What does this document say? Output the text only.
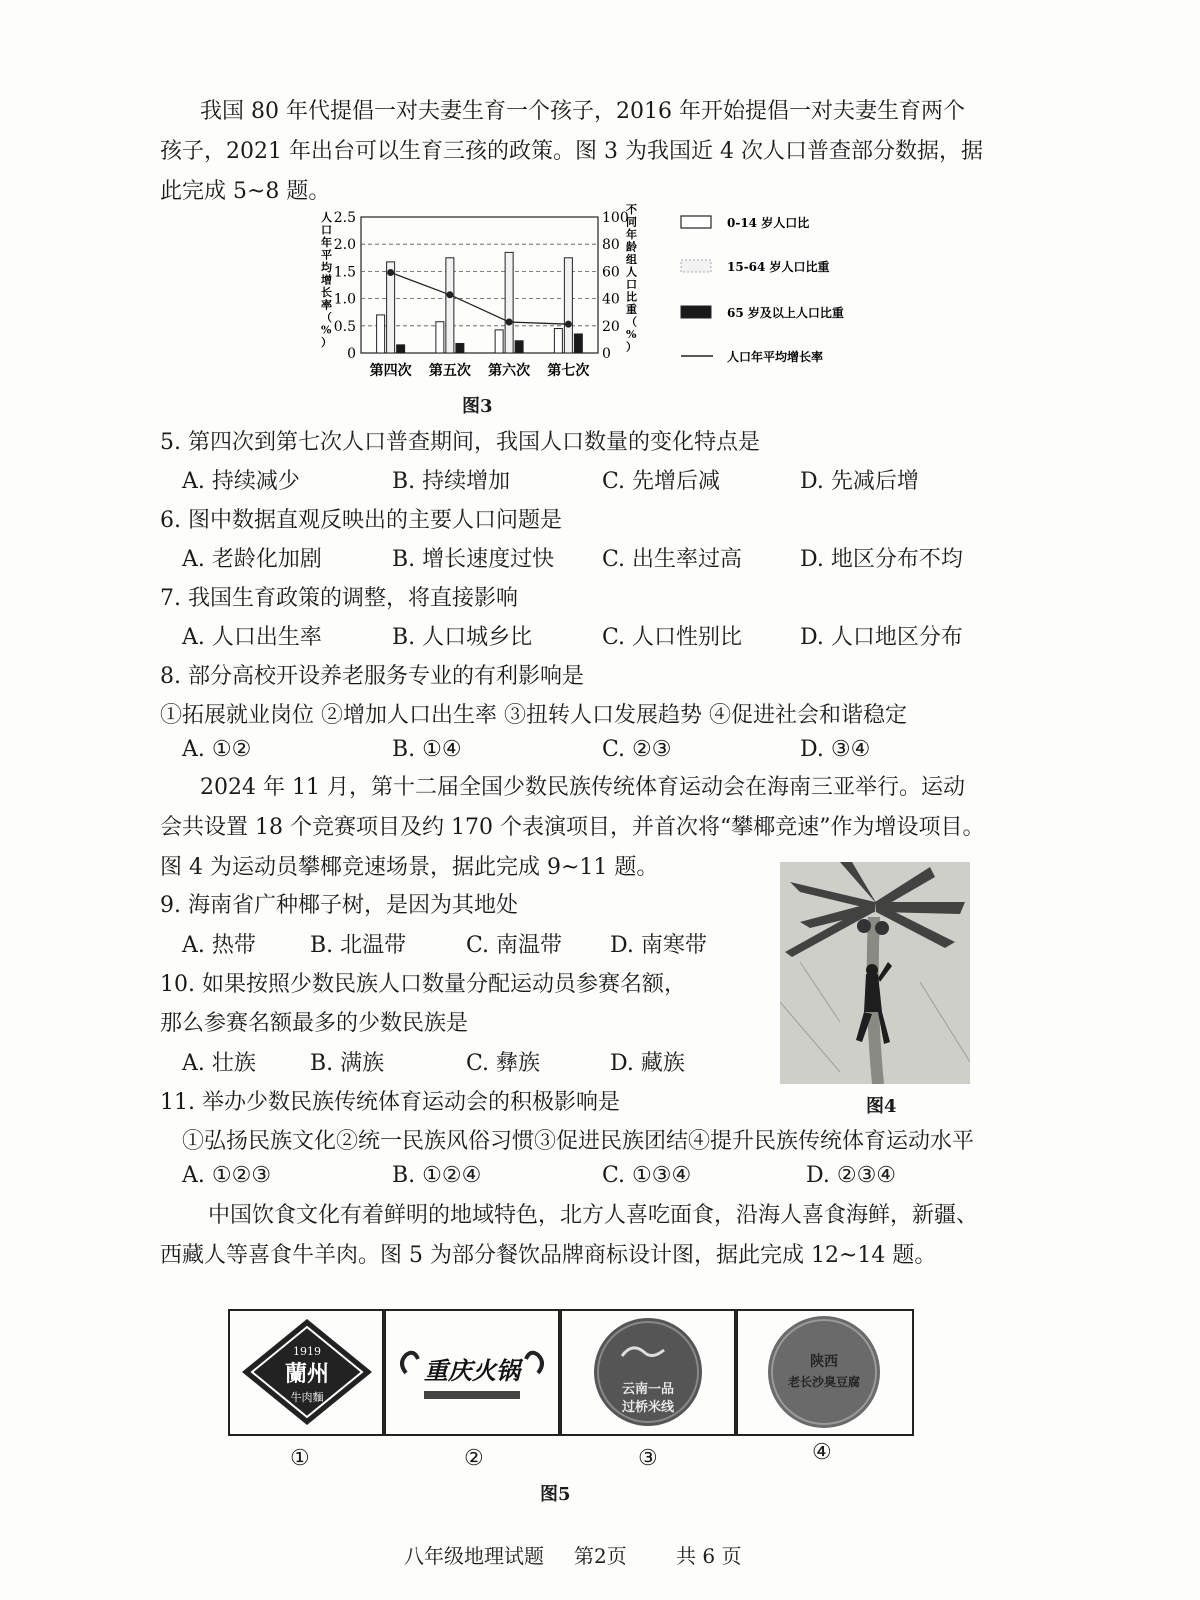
我国 80 年代提倡一对夫妻生育一个孩子，2016 年开始提倡一对夫妻生育两个
孩子，2021 年出台可以生育三孩的政策。图 3 为我国近 4 次人口普查部分数据，据
此完成 5~8 题。
0	0
0.5	20
1.0	40
1.5	60
2.0	80
2.5	100
人
口
年
平
均
增
长
率
（
%
）
不
同
年
龄
组
人
口
比
重
（
%
）
第四次 第五次 第六次 第七次
0-14 岁人口比
15-64 岁人口比重
65 岁及以上人口比重
人口年平均增长率
图3
5. 第四次到第七次人口普查期间，我国人口数量的变化特点是
A. 持续减少	B. 持续增加	C. 先增后减	D. 先减后增
6. 图中数据直观反映出的主要人口问题是
A. 老龄化加剧	B. 增长速度过快 C. 出生率过高	D. 地区分布不均
7. 我国生育政策的调整，将直接影响
A. 人口出生率	B. 人口城乡比	C. 人口性别比	D. 人口地区分布
8. 部分高校开设养老服务专业的有利影响是
①拓展就业岗位 ②增加人口出生率 ③扭转人口发展趋势 ④促进社会和谐稳定
A. ①②	B. ①④	C. ②③	D. ③④
2024 年 11 月，第十二届全国少数民族传统体育运动会在海南三亚举行。运动
会共设置 18 个竞赛项目及约 170 个表演项目，并首次将“攀椰竞速”作为增设项目。
图 4 为运动员攀椰竞速场景，据此完成 9~11 题。
图4
9. 海南省广种椰子树，是因为其地处
A. 热带 B. 北温带	C. 南温带 D. 南寒带
10. 如果按照少数民族人口数量分配运动员参赛名额，
那么参赛名额最多的少数民族是
A. 壮族 B. 满族	C. 彝族	D. 藏族
11. 举办少数民族传统体育运动会的积极影响是
①弘扬民族文化②统一民族风俗习惯③促进民族团结④提升民族传统体育运动水平
A. ①②③	B. ①②④	C. ①③④	D. ②③④
中国饮食文化有着鲜明的地域特色，北方人喜吃面食，沿海人喜食海鲜，新疆、
西藏人等喜食牛羊肉。图 5 为部分餐饮品牌商标设计图，据此完成 12~14 题。
1919
蘭州
牛肉麵
重庆火锅
云南一品
过桥米线
陕西
老长沙臭豆腐
①	②	③	④
图5
八年级地理试题 第2页 共 6 页
